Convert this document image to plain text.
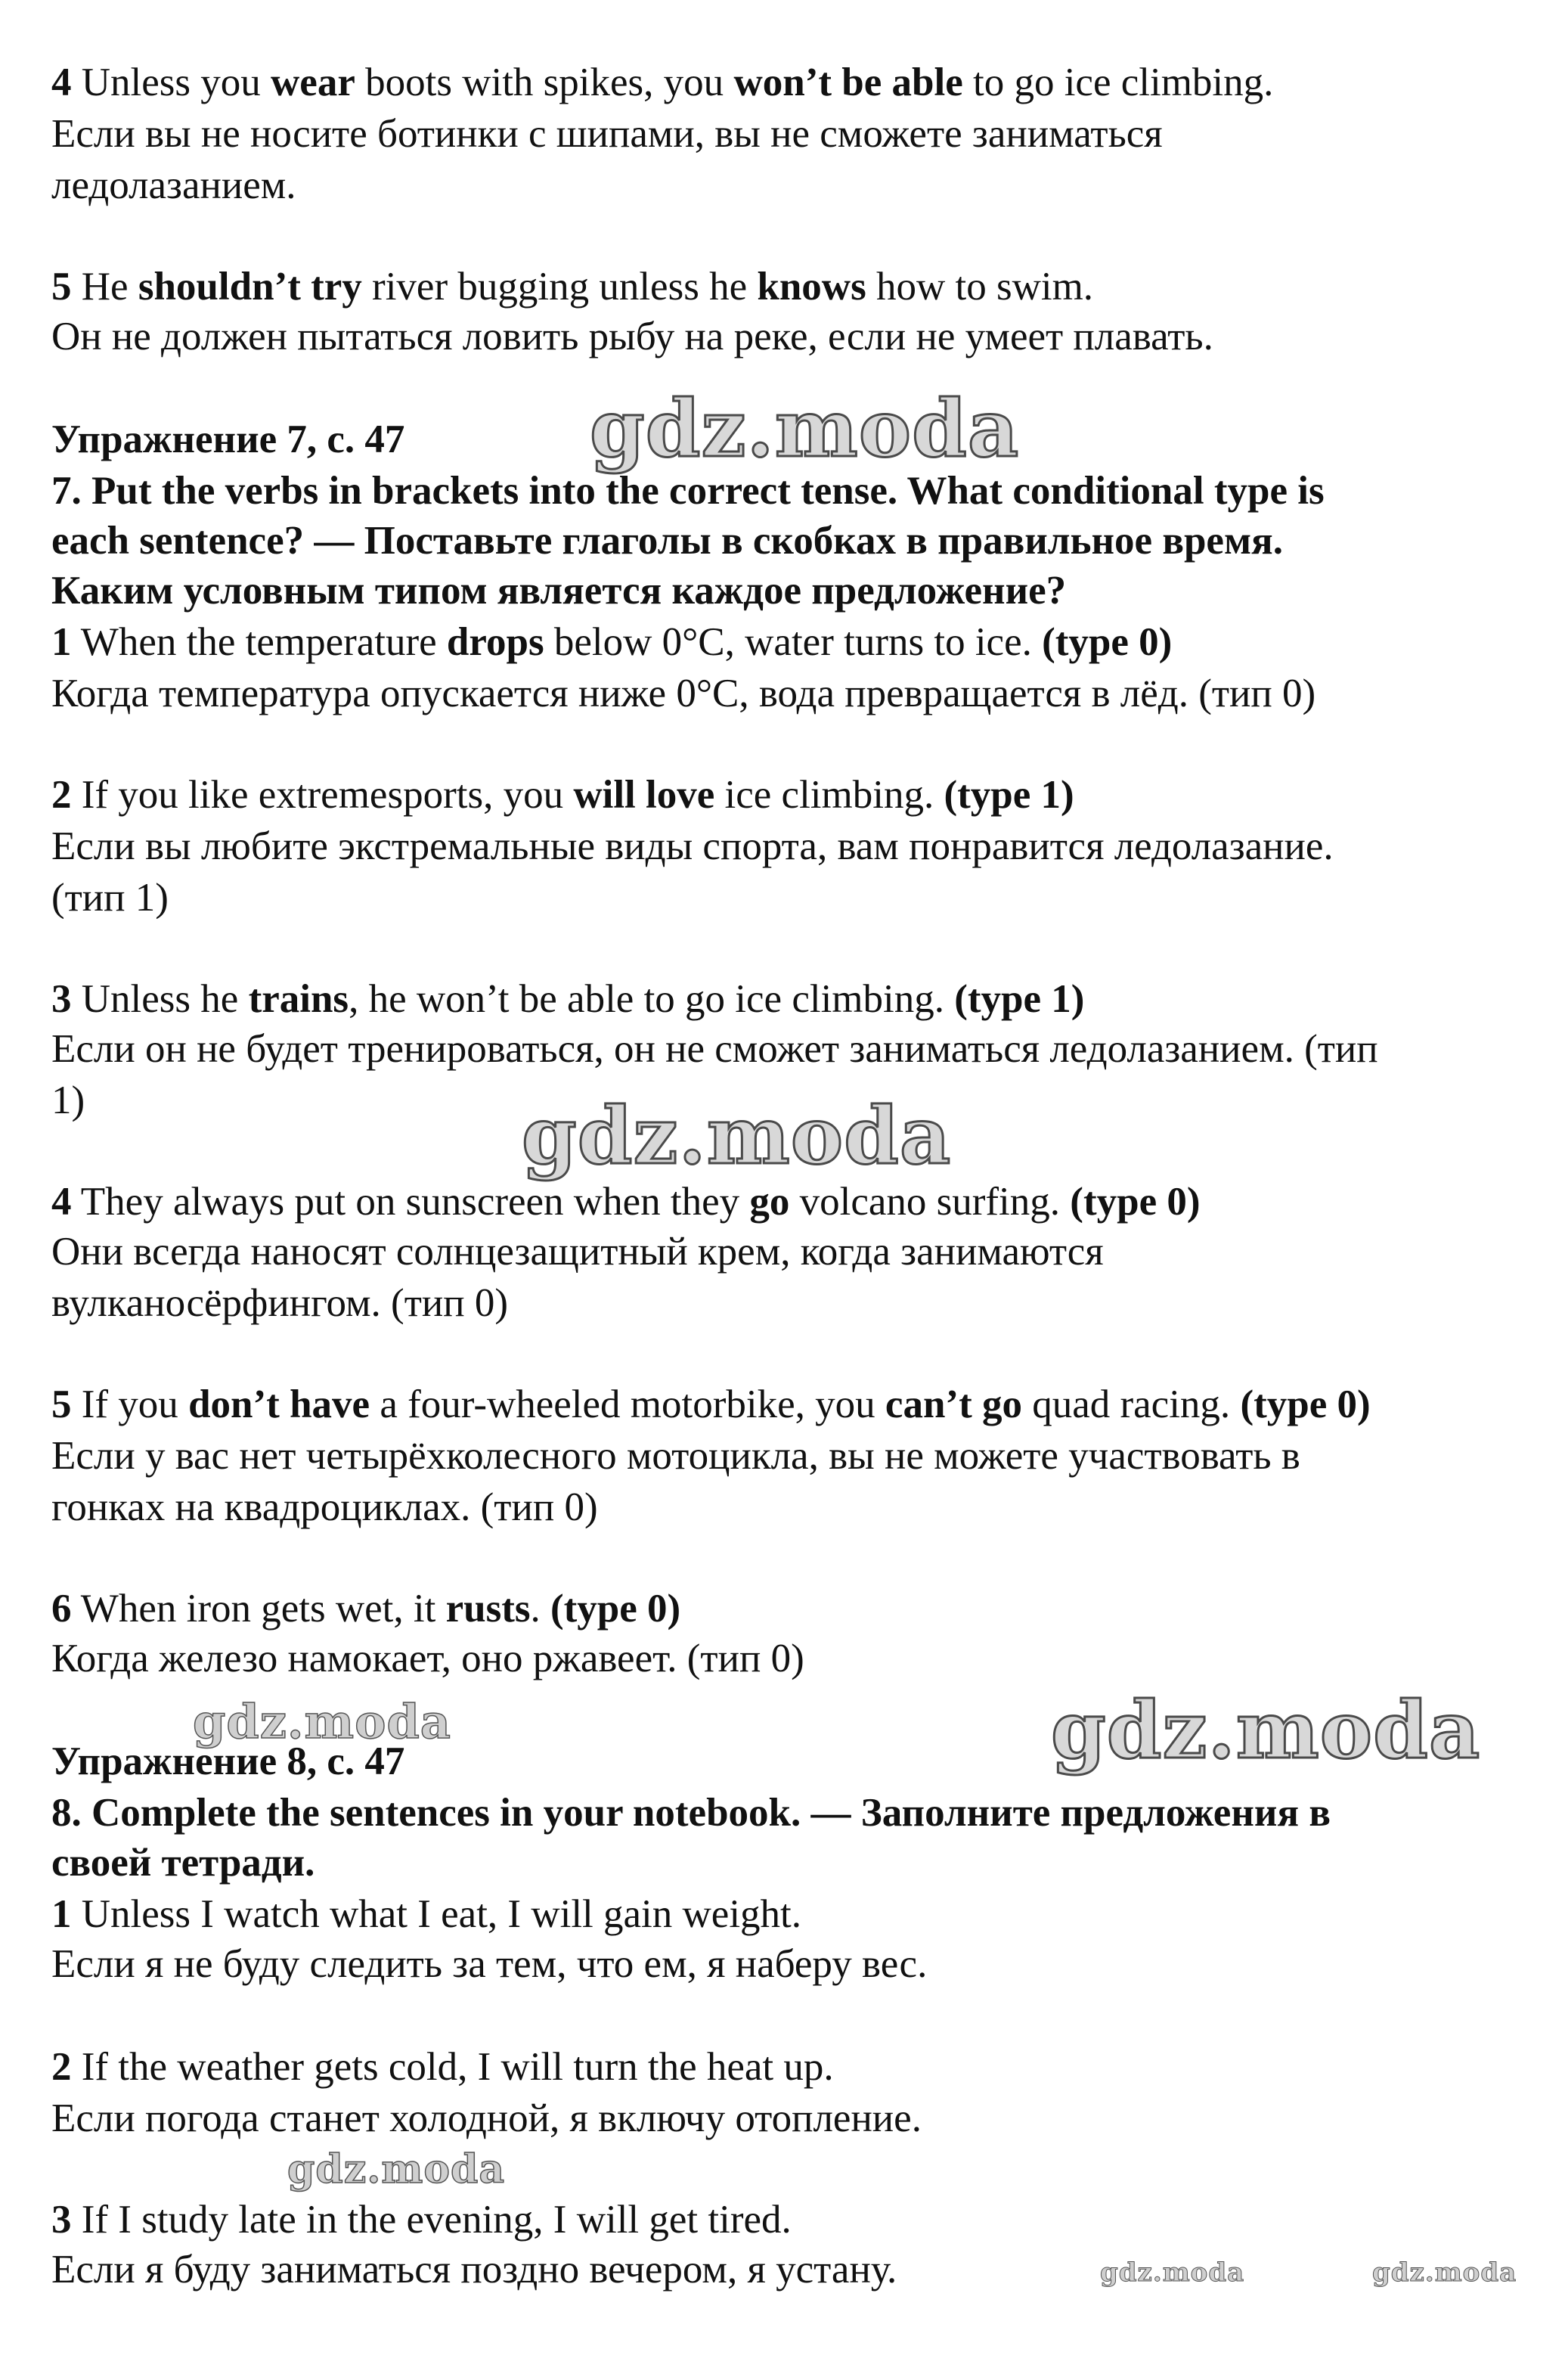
4 Unless you wear boots with spikes, you won’t be able to go ice climbing.
Если вы не носите ботинки с шипами, вы не сможете заниматься
ледолазанием.
5 He shouldn’t try river bugging unless he knows how to swim.
Он не должен пытаться ловить рыбу на реке, если не умеет плавать.
Упражнение 7, с. 47
7. Put the verbs in brackets into the correct tense. What conditional type is
each sentence? — Поставьте глаголы в скобках в правильное время.
Каким условным типом является каждое предложение?
1 When the temperature drops below 0°C, water turns to ice. (type 0)
Когда температура опускается ниже 0°С, вода превращается в лёд. (тип 0)
2 If you like extremesports, you will love ice climbing. (type 1)
Если вы любите экстремальные виды спорта, вам понравится ледолазание.
(тип 1)
3 Unless he trains, he won’t be able to go ice climbing. (type 1)
Если он не будет тренироваться, он не сможет заниматься ледолазанием. (тип
1)
4 They always put on sunscreen when they go volcano surfing. (type 0)
Они всегда наносят солнцезащитный крем, когда занимаются
вулканосёрфингом. (тип 0)
5 If you don’t have a four-wheeled motorbike, you can’t go quad racing. (type 0)
Если у вас нет четырёхколесного мотоцикла, вы не можете участвовать в
гонках на квадроциклах. (тип 0)
6 When iron gets wet, it rusts. (type 0)
Когда железо намокает, оно ржавеет. (тип 0)
Упражнение 8, с. 47
8. Complete the sentences in your notebook. — Заполните предложения в
своей тетради.
1 Unless I watch what I eat, I will gain weight.
Если я не буду следить за тем, что ем, я наберу вес.
2 If the weather gets cold, I will turn the heat up.
Если погода станет холодной, я включу отопление.
3 If I study late in the evening, I will get tired.
Если я буду заниматься поздно вечером, я устану.
gdz.moda
gdz.moda
gdz.moda
gdz.moda
gdz.moda
gdz.moda	gdz.moda
